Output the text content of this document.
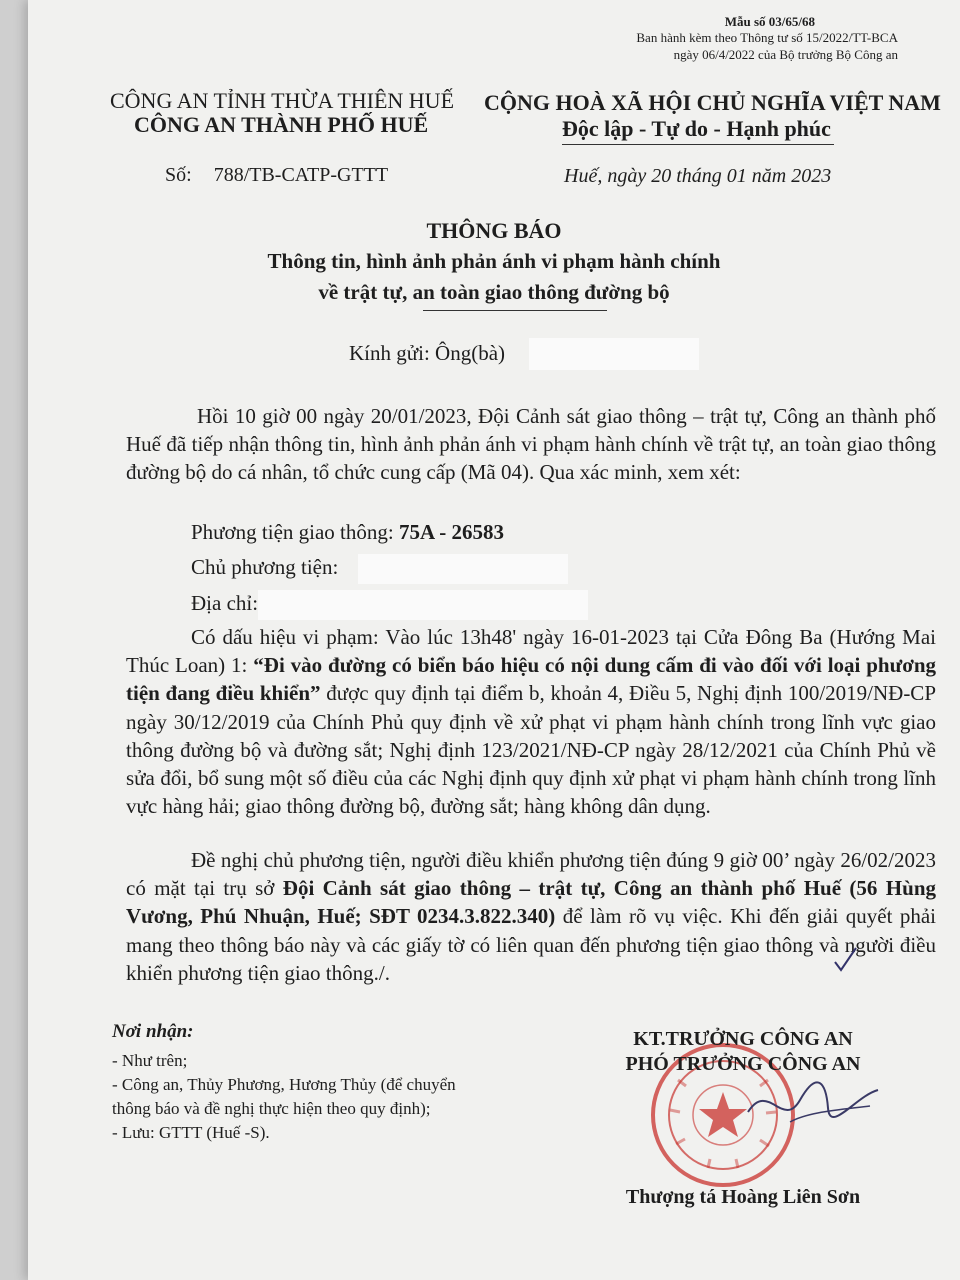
Mẫu số 03/65/68
Ban hành kèm theo Thông tư số 15/2022/TT-BCA
ngày 06/4/2022 của Bộ trưởng Bộ Công an
CÔNG AN TỈNH THỪA THIÊN HUẾ
CÔNG AN THÀNH PHỐ HUẾ
CỘNG HOÀ XÃ HỘI CHỦ NGHĨA VIỆT NAM
Độc lập - Tự do - Hạnh phúc
Số: 788/TB-CATP-GTTT	Huế, ngày 20 tháng 01 năm 2023
THÔNG BÁO
Thông tin, hình ảnh phản ánh vi phạm hành chính
về trật tự, an toàn giao thông đường bộ
Kính gửi: Ông(bà)
Hồi 10 giờ 00 ngày 20/01/2023, Đội Cảnh sát giao thông – trật tự, Công an thành phố Huế đã tiếp nhận thông tin, hình ảnh phản ánh vi phạm hành chính về trật tự, an toàn giao thông đường bộ do cá nhân, tổ chức cung cấp (Mã 04). Qua xác minh, xem xét:
Phương tiện giao thông: 75A - 26583
Chủ phương tiện:
Địa chỉ:
Có dấu hiệu vi phạm: Vào lúc 13h48' ngày 16-01-2023 tại Cửa Đông Ba (Hướng Mai Thúc Loan) 1: “Đi vào đường có biển báo hiệu có nội dung cấm đi vào đối với loại phương tiện đang điều khiển” được quy định tại điểm b, khoản 4, Điều 5, Nghị định 100/2019/NĐ-CP ngày 30/12/2019 của Chính Phủ quy định về xử phạt vi phạm hành chính trong lĩnh vực giao thông đường bộ và đường sắt; Nghị định 123/2021/NĐ-CP ngày 28/12/2021 của Chính Phủ về sửa đổi, bổ sung một số điều của các Nghị định quy định xử phạt vi phạm hành chính trong lĩnh vực hàng hải; giao thông đường bộ, đường sắt; hàng không dân dụng.
Đề nghị chủ phương tiện, người điều khiển phương tiện đúng 9 giờ 00’ ngày 26/02/2023 có mặt tại trụ sở Đội Cảnh sát giao thông – trật tự, Công an thành phố Huế (56 Hùng Vương, Phú Nhuận, Huế; SĐT 0234.3.822.340) để làm rõ vụ việc. Khi đến giải quyết phải mang theo thông báo này và các giấy tờ có liên quan đến phương tiện giao thông và người điều khiển phương tiện giao thông./.
Nơi nhận:
- Như trên;
- Công an, Thủy Phương, Hương Thủy (để chuyển
thông báo và đề nghị thực hiện theo quy định);
- Lưu: GTTT (Huế -S).
KT.TRƯỞNG CÔNG AN
PHÓ TRƯỞNG CÔNG AN
Thượng tá Hoàng Liên Sơn
